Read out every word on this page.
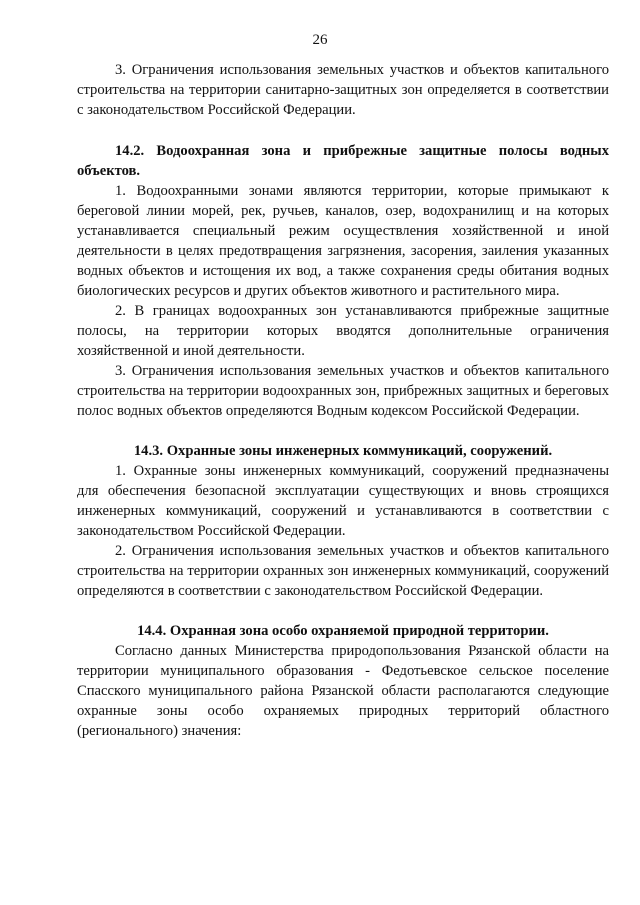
26

3. Ограничения использования земельных участков и объектов капитального строительства на территории санитарно-защитных зон определяется в соответствии с законодательством Российской Федерации.

14.2. Водоохранная зона и прибрежные защитные полосы водных объектов.

1. Водоохранными зонами являются территории, которые примыкают к береговой линии морей, рек, ручьев, каналов, озер, водохранилищ и на которых устанавливается специальный режим осуществления хозяйственной и иной деятельности в целях предотвращения загрязнения, засорения, заиления указанных водных объектов и истощения их вод, а также сохранения среды обитания водных биологических ресурсов и других объектов животного и растительного мира.

2. В границах водоохранных зон устанавливаются прибрежные защитные полосы, на территории которых вводятся дополнительные ограничения хозяйственной и иной деятельности.

3. Ограничения использования земельных участков и объектов капитального строительства на территории водоохранных зон, прибрежных защитных и береговых полос водных объектов определяются Водным кодексом Российской Федерации.

14.3. Охранные зоны инженерных коммуникаций, сооружений.

1. Охранные зоны инженерных коммуникаций, сооружений предназначены для обеспечения безопасной эксплуатации существующих и вновь строящихся инженерных коммуникаций, сооружений и устанавливаются в соответствии с законодательством Российской Федерации.

2. Ограничения использования земельных участков и объектов капитального строительства на территории охранных зон инженерных коммуникаций, сооружений определяются в соответствии с законодательством Российской Федерации.

14.4. Охранная зона особо охраняемой природной территории.

Согласно данных Министерства природопользования Рязанской области на территории муниципального образования - Федотьевское сельское поселение Спасского муниципального района Рязанской области располагаются следующие охранные зоны особо охраняемых природных территорий областного (регионального) значения:
